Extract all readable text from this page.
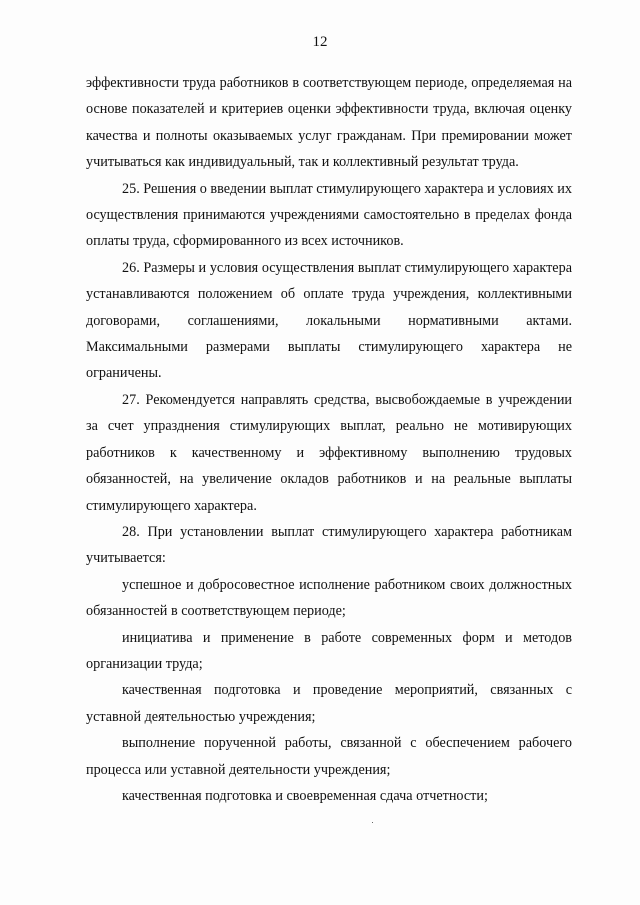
12

эффективности труда работников в соответствующем периоде, определяемая на основе показателей и критериев оценки эффективности труда, включая оценку качества и полноты оказываемых услуг гражданам. При премировании может учитываться как индивидуальный, так и коллективный результат труда.

25. Решения о введении выплат стимулирующего характера и условиях их осуществления принимаются учреждениями самостоятельно в пределах фонда оплаты труда, сформированного из всех источников.

26. Размеры и условия осуществления выплат стимулирующего характера устанавливаются положением об оплате труда учреждения, коллективными договорами, соглашениями, локальными нормативными актами. Максимальными размерами выплаты стимулирующего характера не ограничены.

27. Рекомендуется направлять средства, высвобождаемые в учреждении за счет упразднения стимулирующих выплат, реально не мотивирующих работников к качественному и эффективному выполнению трудовых обязанностей, на увеличение окладов работников и на реальные выплаты стимулирующего характера.

28. При установлении выплат стимулирующего характера работникам учитывается:

успешное и добросовестное исполнение работником своих должностных обязанностей в соответствующем периоде;

инициатива и применение в работе современных форм и методов организации труда;

качественная подготовка и проведение мероприятий, связанных с уставной деятельностью учреждения;

выполнение порученной работы, связанной с обеспечением рабочего процесса или уставной деятельности учреждения;

качественная подготовка и своевременная сдача отчетности;
